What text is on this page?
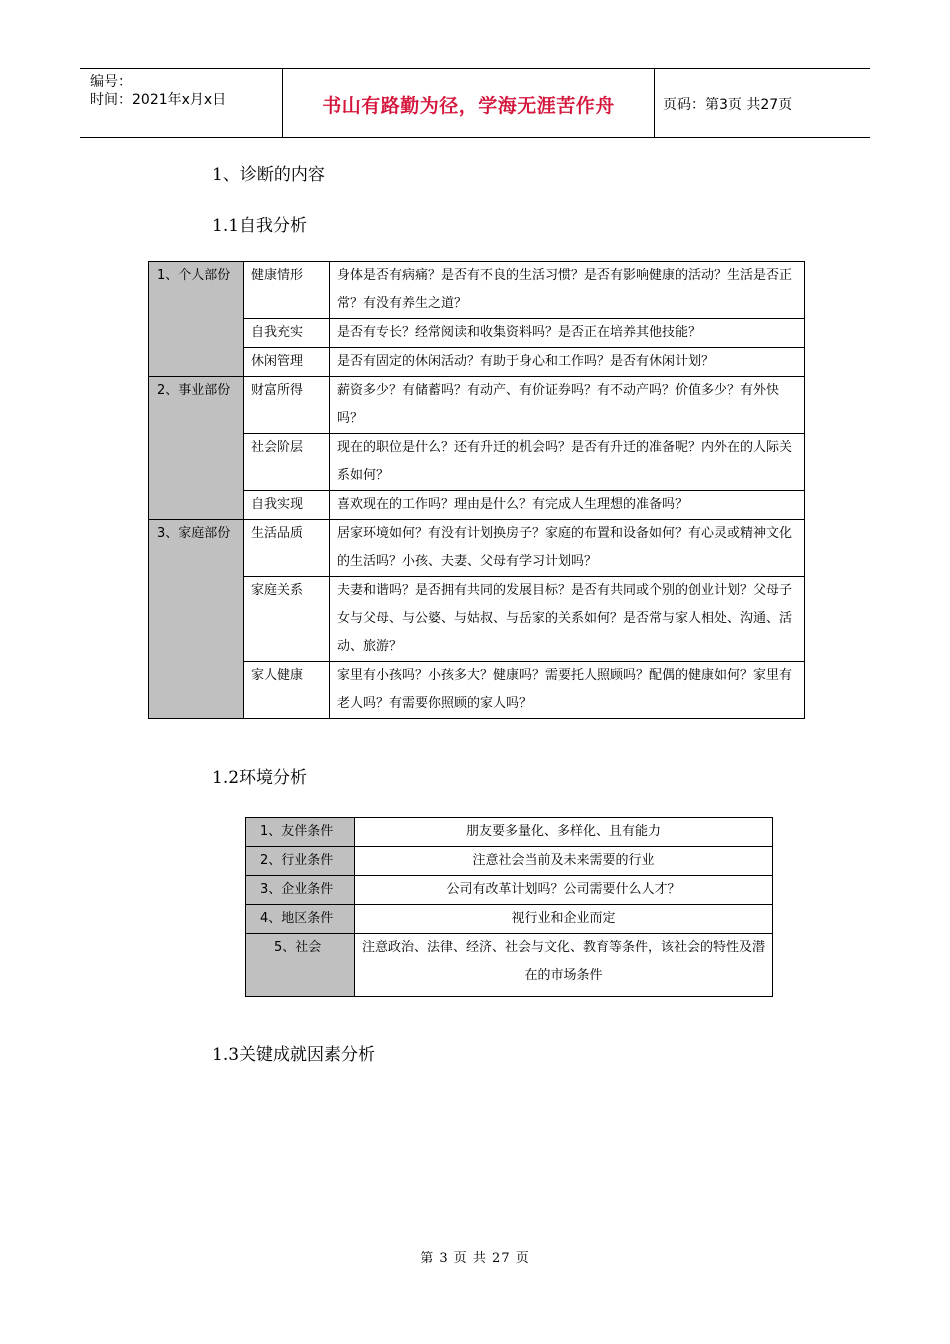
编号：
时间：2021年x月x日	书山有路勤为径，学海无涯苦作舟	页码：第3页 共27页
1、诊断的内容
1.1自我分析
1、个人部份	健康情形	身体是否有病痛？是否有不良的生活习惯？是否有影响健康的活动？生活是否正常？有没有养生之道？
	自我充实	是否有专长？经常阅读和收集资料吗？是否正在培养其他技能？
	休闲管理	是否有固定的休闲活动？有助于身心和工作吗？是否有休闲计划？
2、事业部份	财富所得	薪资多少？有储蓄吗？有动产、有价证券吗？有不动产吗？价值多少？有外快吗？
	社会阶层	现在的职位是什么？还有升迁的机会吗？是否有升迁的准备呢？内外在的人际关系如何？
	自我实现	喜欢现在的工作吗？理由是什么？有完成人生理想的准备吗？
3、家庭部份	生活品质	居家环境如何？有没有计划换房子？家庭的布置和设备如何？有心灵或精神文化的生活吗？小孩、夫妻、父母有学习计划吗？
	家庭关系	夫妻和谐吗？是否拥有共同的发展目标？是否有共同或个别的创业计划？父母子女与父母、与公婆、与姑叔、与岳家的关系如何？是否常与家人相处、沟通、活动、旅游？
	家人健康	家里有小孩吗？小孩多大？健康吗？需要托人照顾吗？配偶的健康如何？家里有老人吗？有需要你照顾的家人吗？
1.2环境分析
1、友伴条件	朋友要多量化、多样化、且有能力
2、行业条件	注意社会当前及未来需要的行业
3、企业条件	公司有改革计划吗？公司需要什么人才？
4、地区条件	视行业和企业而定
5、社会	注意政治、法律、经济、社会与文化、教育等条件，该社会的特性及潜在的市场条件
1.3关键成就因素分析
第 3 页 共 27 页
